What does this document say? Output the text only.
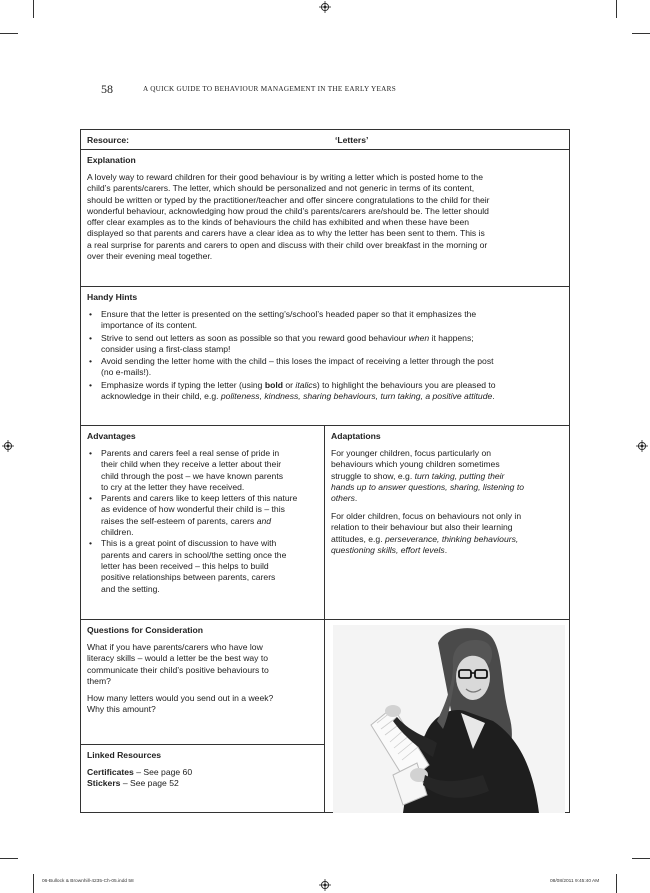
58	A QUICK GUIDE TO BEHAVIOUR MANAGEMENT IN THE EARLY YEARS
Resource:	‘Letters’
Explanation
A lovely way to reward children for their good behaviour is by writing a letter which is posted home to the
child’s parents/carers. The letter, which should be personalized and not generic in terms of its content,
should be written or typed by the practitioner/teacher and offer sincere congratulations to the child for their
wonderful behaviour, acknowledging how proud the child’s parents/carers are/should be. The letter should
offer clear examples as to the kinds of behaviours the child has exhibited and when these have been
displayed so that parents and carers have a clear idea as to why the letter has been sent to them. This is
a real surprise for parents and carers to open and discuss with their child over breakfast in the morning or
over their evening meal together.
Handy Hints
• Ensure that the letter is presented on the setting’s/school’s headed paper so that it emphasizes the
importance of its content.
• Strive to send out letters as soon as possible so that you reward good behaviour when it happens;
consider using a first-class stamp!
• Avoid sending the letter home with the child – this loses the impact of receiving a letter through the post
(no e-mails!).
• Emphasize words if typing the letter (using bold or italics) to highlight the behaviours you are pleased to
acknowledge in their child, e.g. politeness, kindness, sharing behaviours, turn taking, a positive attitude.
Advantages
• Parents and carers feel a real sense of pride in
their child when they receive a letter about their
child through the post – we have known parents
to cry at the letter they have received.
• Parents and carers like to keep letters of this nature
as evidence of how wonderful their child is – this
raises the self-esteem of parents, carers and
children.
• This is a great point of discussion to have with
parents and carers in school/the setting once the
letter has been received – this helps to build
positive relationships between parents, carers
and the setting.
Adaptations
For younger children, focus particularly on
behaviours which young children sometimes
struggle to show, e.g. turn taking, putting their
hands up to answer questions, sharing, listening to
others.
For older children, focus on behaviours not only in
relation to their behaviour but also their learning
attitudes, e.g. perseverance, thinking behaviours,
questioning skills, effort levels.
Questions for Consideration
What if you have parents/carers who have low
literacy skills – would a letter be the best way to
communicate their child’s positive behaviours to
them?
How many letters would you send out in a week?
Why this amount?
Linked Resources
Certificates – See page 60
Stickers – See page 52
06-Bullock & Brownhill-4235-Ch-05.indd 58	08/08/2011 9:45:40 AM
